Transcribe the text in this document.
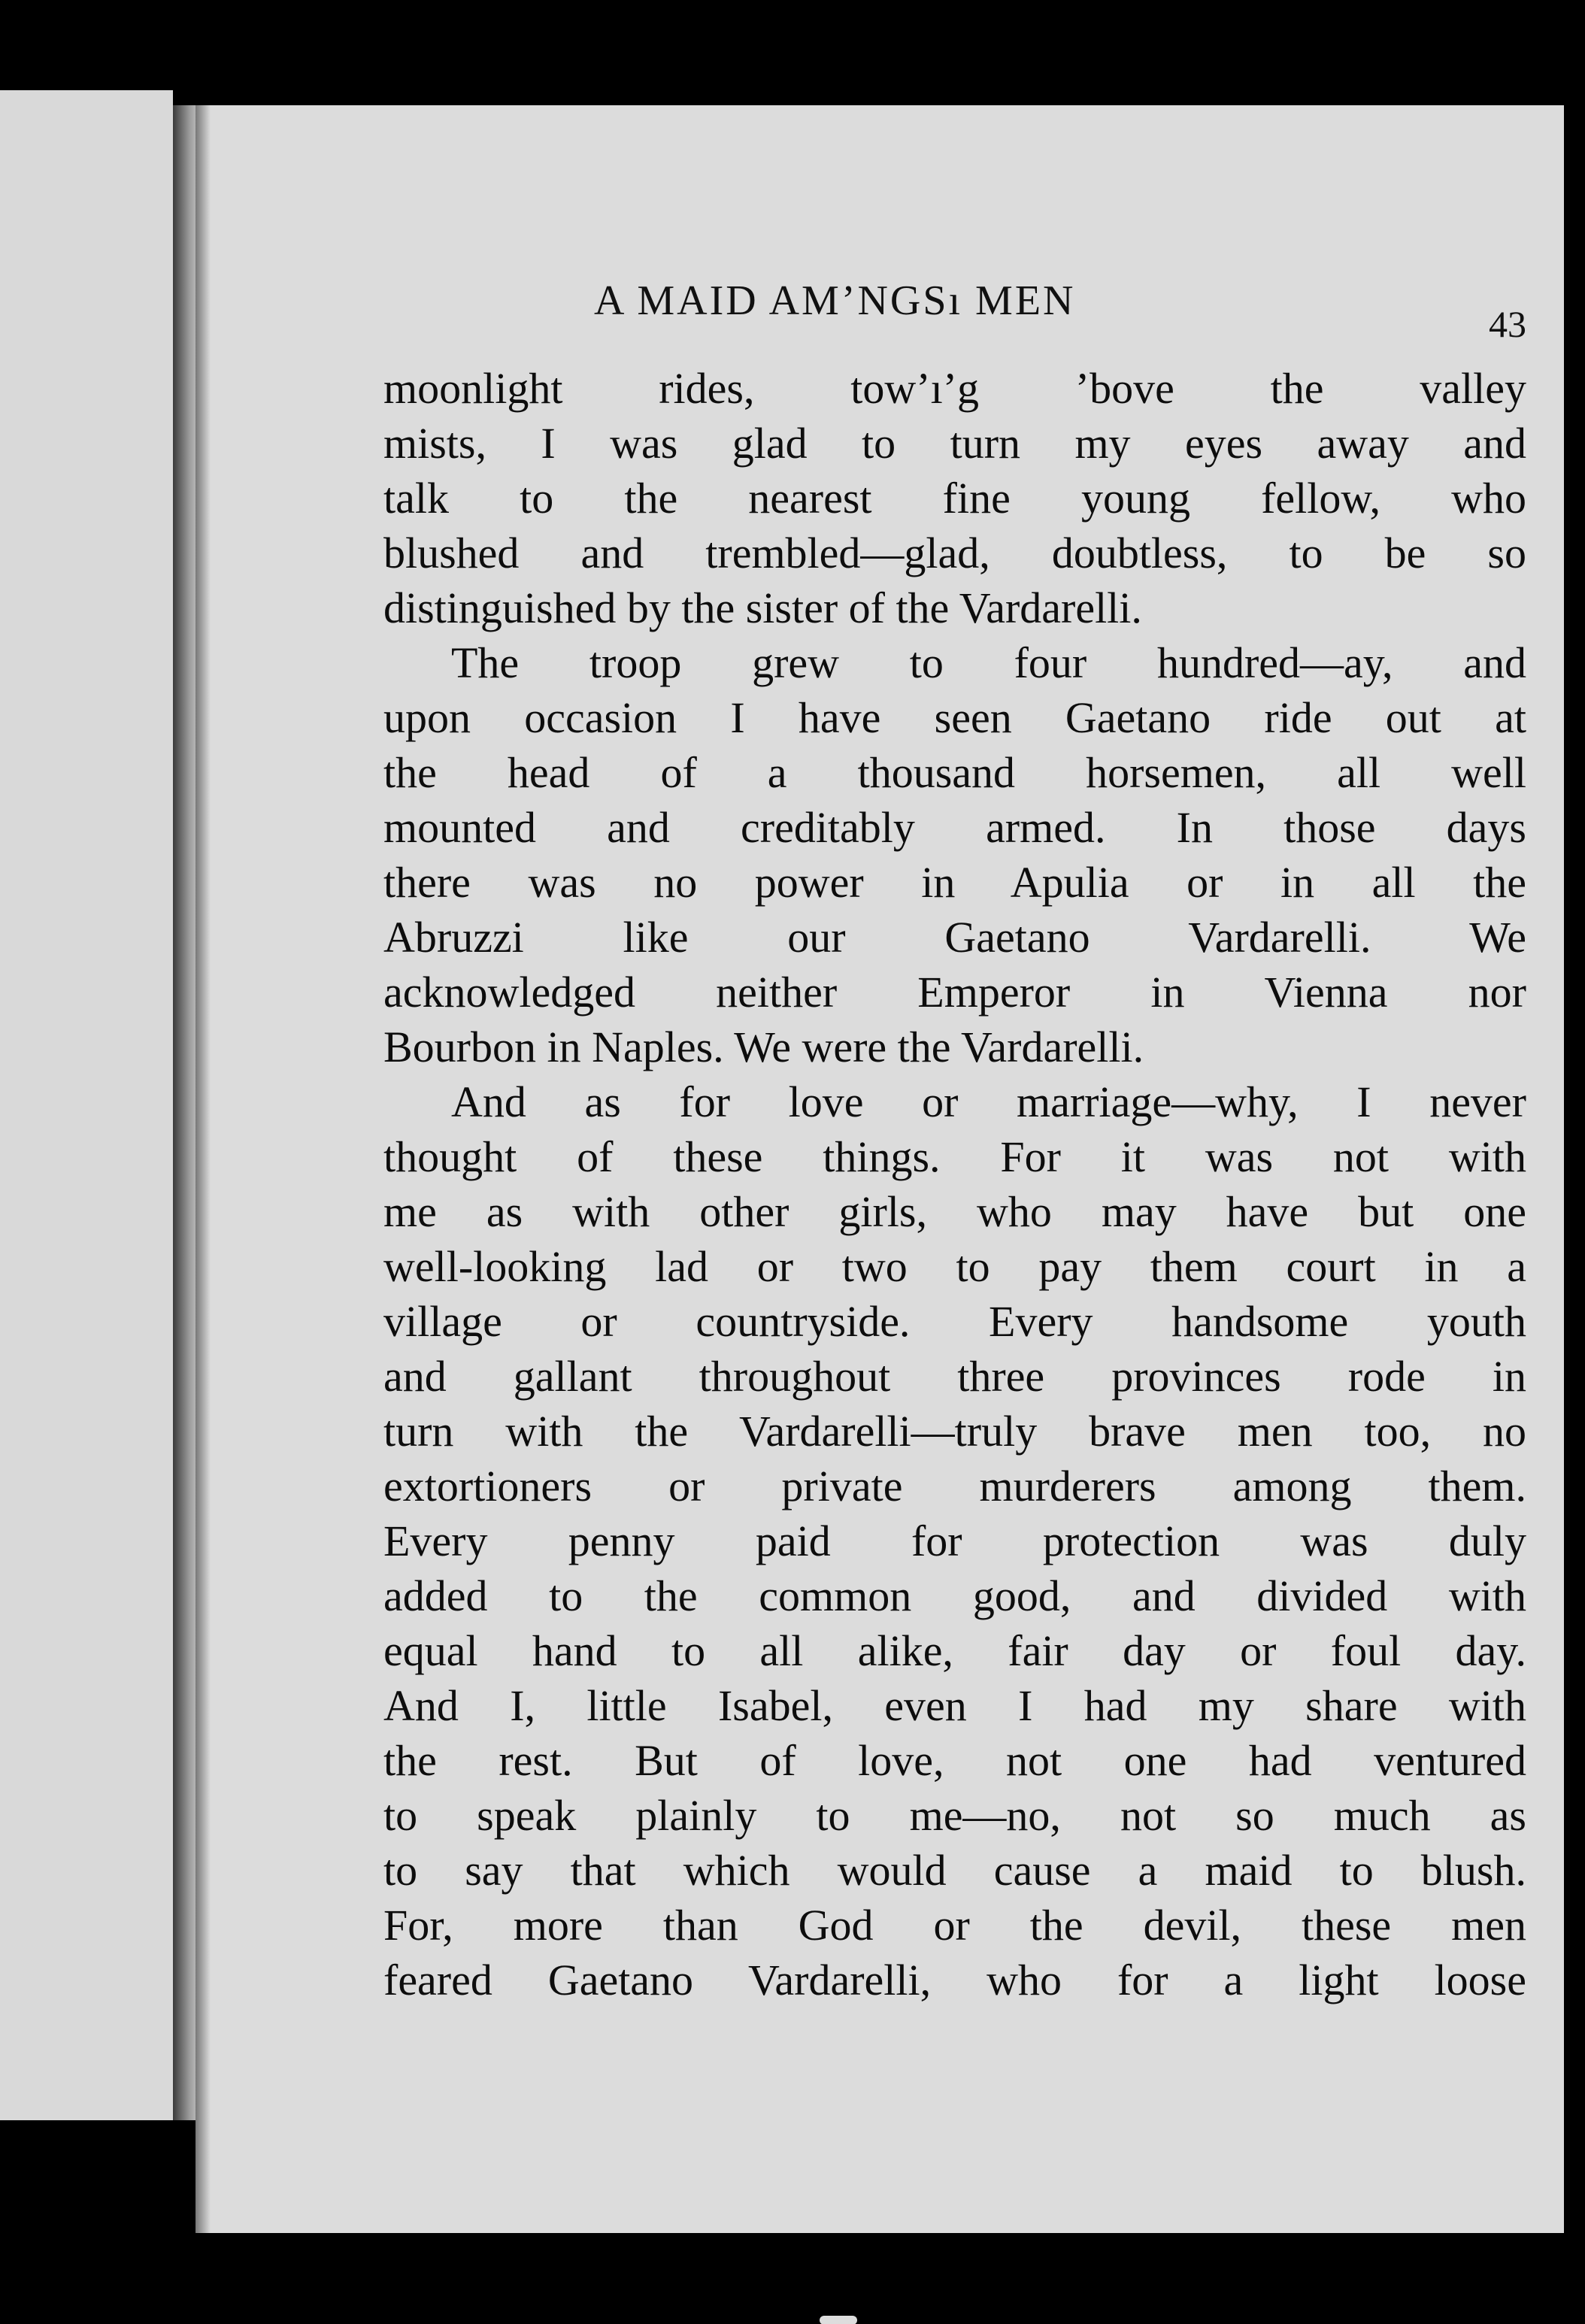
A MAID AM’NGSı MEN	43
moonlight rides, tow’ı’g ’bove the valley
mists, I was glad to turn my eyes away and
talk to the nearest fine young fellow, who
blushed and trembled—glad, doubtless, to be so
distinguished by the sister of the Vardarelli.
The troop grew to four hundred—ay, and
upon occasion I have seen Gaetano ride out at
the head of a thousand horsemen, all well
mounted and creditably armed. In those days
there was no power in Apulia or in all the
Abruzzi like our Gaetano Vardarelli. We
acknowledged neither Emperor in Vienna nor
Bourbon in Naples. We were the Vardarelli.
And as for love or marriage—why, I never
thought of these things. For it was not with
me as with other girls, who may have but one
well-looking lad or two to pay them court in a
village or countryside. Every handsome youth
and gallant throughout three provinces rode in
turn with the Vardarelli—truly brave men too, no
extortioners or private murderers among them.
Every penny paid for protection was duly
added to the common good, and divided with
equal hand to all alike, fair day or foul day.
And I, little Isabel, even I had my share with
the rest. But of love, not one had ventured
to speak plainly to me—no, not so much as
to say that which would cause a maid to blush.
For, more than God or the devil, these men
feared Gaetano Vardarelli, who for a light loose
